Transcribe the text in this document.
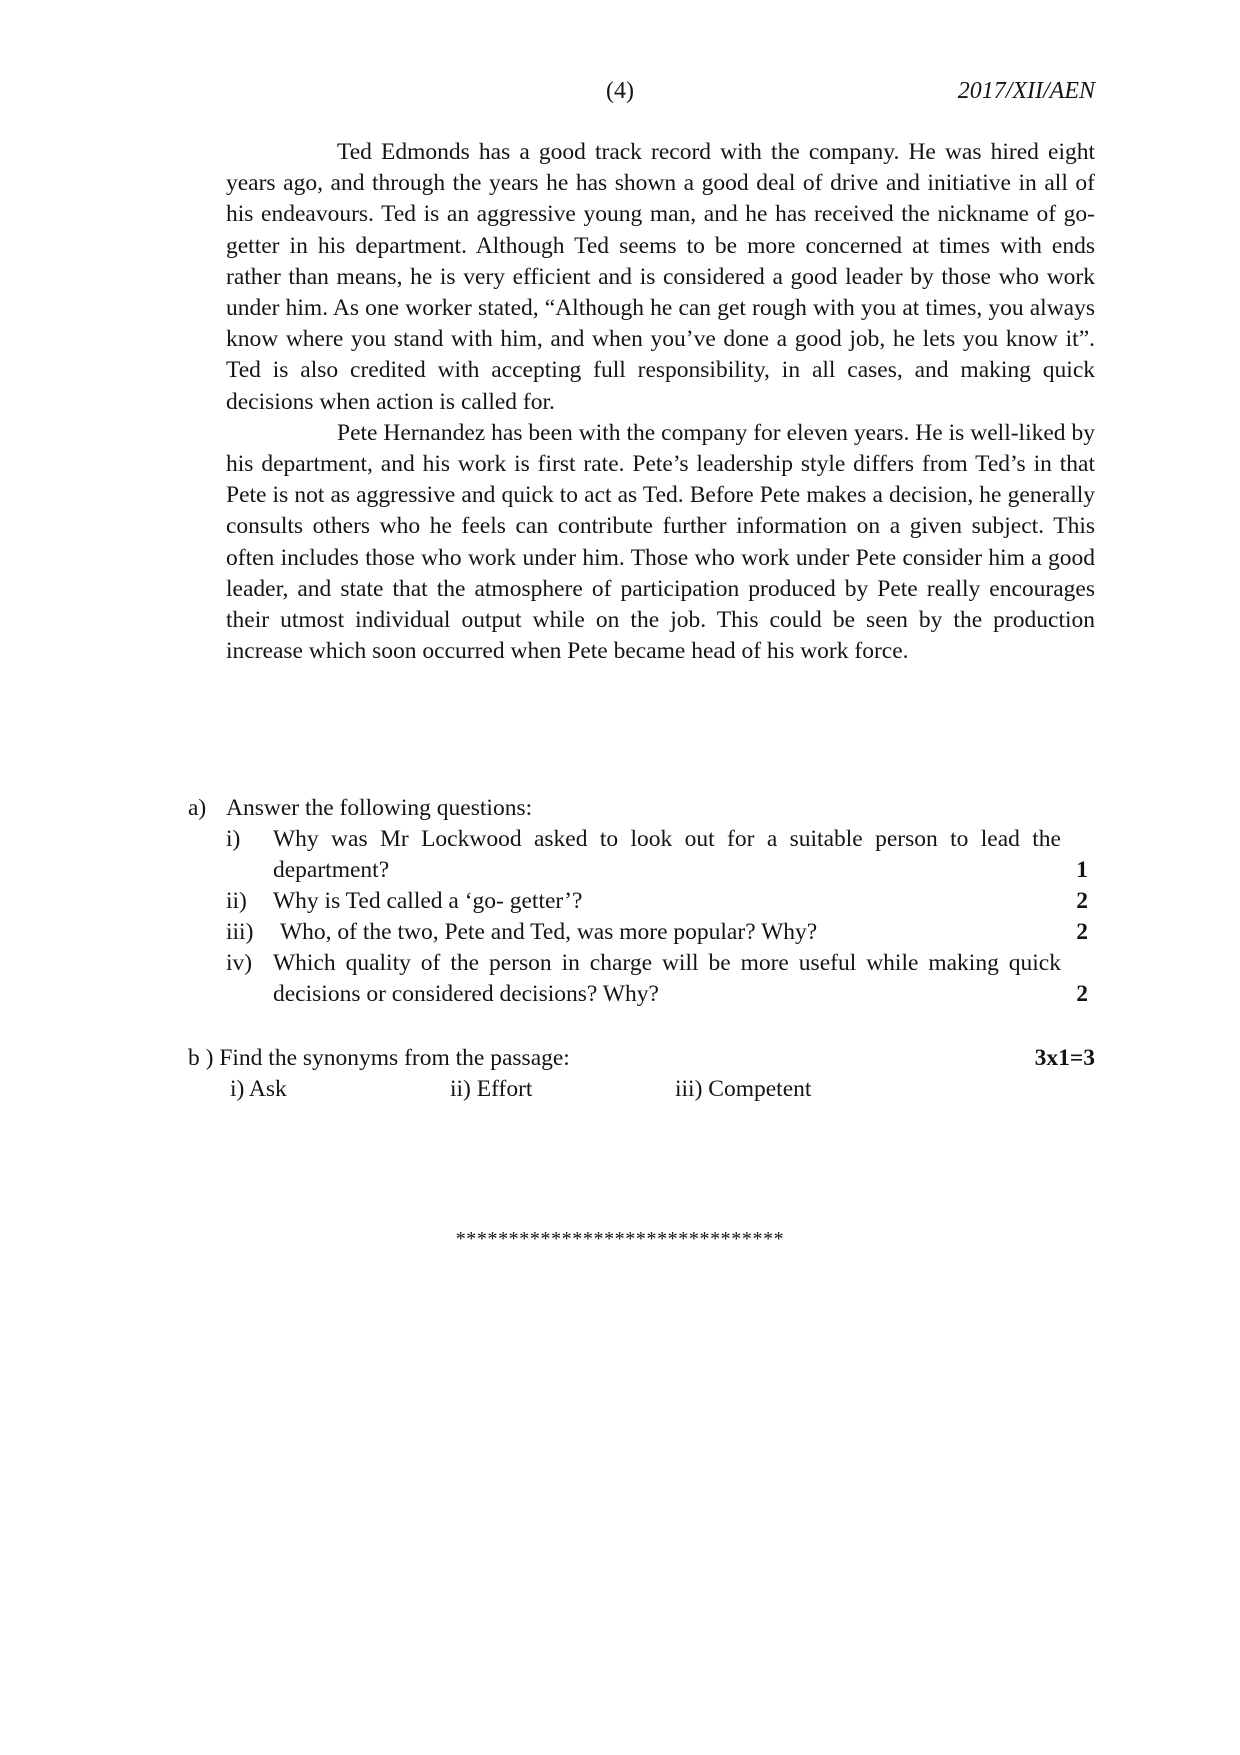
(4)	2017/XII/AEN

Ted Edmonds has a good track record with the company. He was hired eight years ago, and through the years he has shown a good deal of drive and initiative in all of his endeavours. Ted is an aggressive young man, and he has received the nickname of go-getter in his department. Although Ted seems to be more concerned at times with ends rather than means, he is very efficient and is considered a good leader by those who work under him. As one worker stated, “Although he can get rough with you at times, you always know where you stand with him, and when you’ve done a good job, he lets you know it”. Ted is also credited with accepting full responsibility, in all cases, and making quick decisions when action is called for.

Pete Hernandez has been with the company for eleven years. He is well-liked by his department, and his work is first rate. Pete’s leadership style differs from Ted’s in that Pete is not as aggressive and quick to act as Ted. Before Pete makes a decision, he generally consults others who he feels can contribute further information on a given subject. This often includes those who work under him. Those who work under Pete consider him a good leader, and state that the atmosphere of participation produced by Pete really encourages their utmost individual output while on the job. This could be seen by the production increase which soon occurred when Pete became head of his work force.

a) Answer the following questions:
i) Why was Mr Lockwood asked to look out for a suitable person to lead the department?	1
ii) Why is Ted called a ‘go- getter’?	2
iii) Who, of the two, Pete and Ted, was more popular? Why?	2
iv) Which quality of the person in charge will be more useful while making quick decisions or considered decisions? Why?	2
b ) Find the synonyms from the passage:	3x1=3
i) Ask	ii) Effort	iii) Competent
*******************************
